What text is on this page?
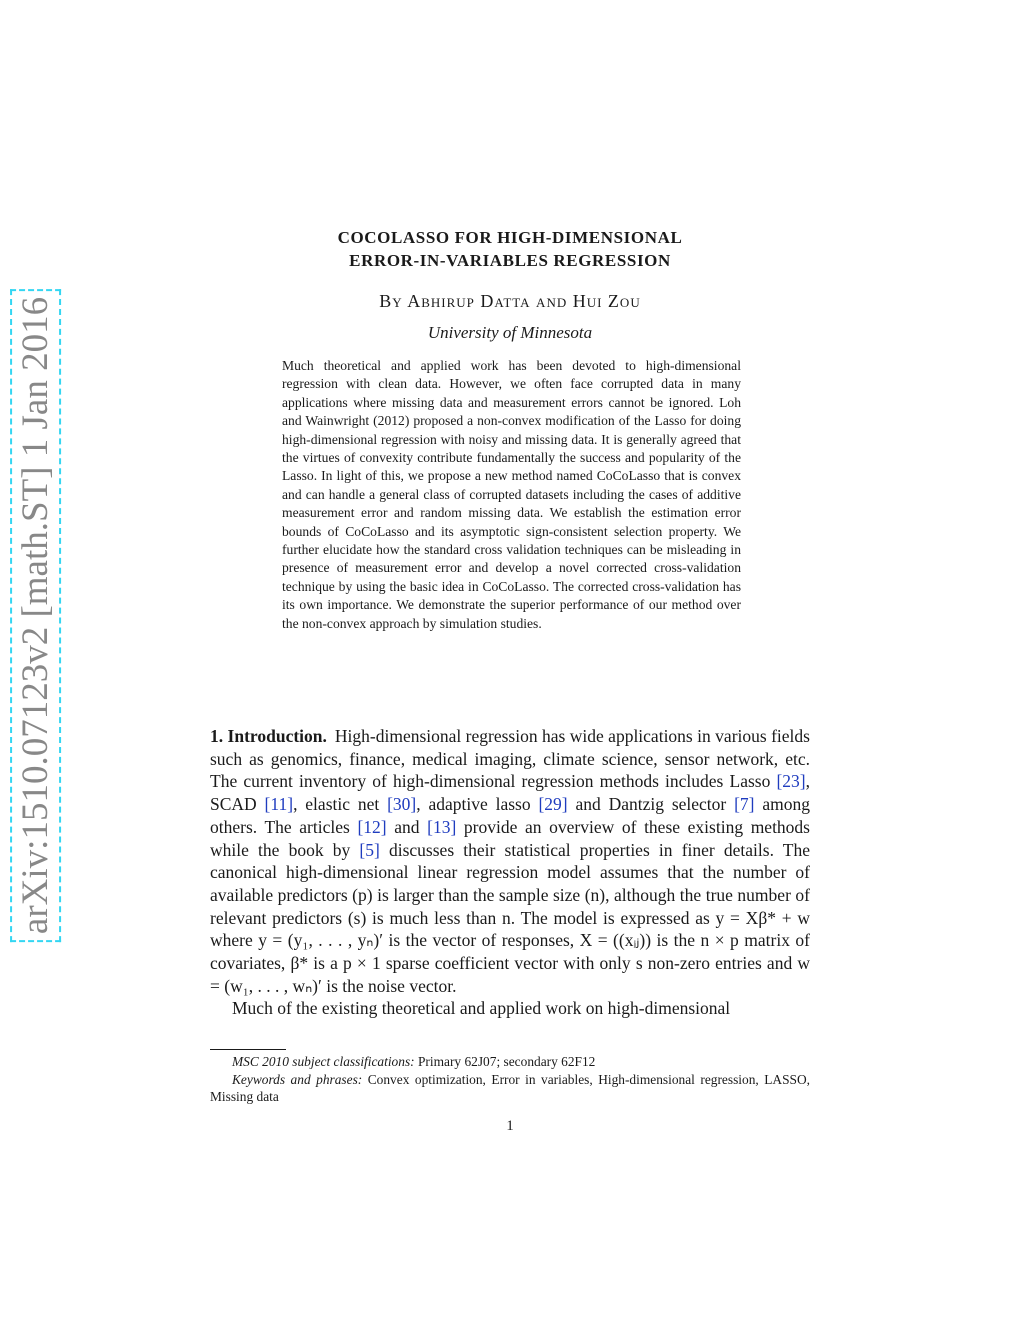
arXiv:1510.07123v2 [math.ST] 1 Jan 2016
COCOLASSO FOR HIGH-DIMENSIONAL
ERROR-IN-VARIABLES REGRESSION
By Abhirup Datta and Hui Zou
University of Minnesota

Much theoretical and applied work has been devoted to high-dimensional regression with clean data. However, we often face corrupted data in many applications where missing data and measurement errors cannot be ignored. Loh and Wainwright (2012) proposed a non-convex modification of the Lasso for doing high-dimensional regression with noisy and missing data. It is generally agreed that the virtues of convexity contribute fundamentally the success and popularity of the Lasso. In light of this, we propose a new method named CoCoLasso that is convex and can handle a general class of corrupted datasets including the cases of additive measurement error and random missing data. We establish the estimation error bounds of CoCoLasso and its asymptotic sign-consistent selection property. We further elucidate how the standard cross validation techniques can be misleading in presence of measurement error and develop a novel corrected cross-validation technique by using the basic idea in CoCoLasso. The corrected cross-validation has its own importance. We demonstrate the superior performance of our method over the non-convex approach by simulation studies.

1. Introduction. High-dimensional regression has wide applications in various fields such as genomics, finance, medical imaging, climate science, sensor network, etc. The current inventory of high-dimensional regression methods includes Lasso [23], SCAD [11], elastic net [30], adaptive lasso [29] and Dantzig selector [7] among others. The articles [12] and [13] provide an overview of these existing methods while the book by [5] discusses their statistical properties in finer details. The canonical high-dimensional linear regression model assumes that the number of available predictors (p) is larger than the sample size (n), although the true number of relevant predictors (s) is much less than n. The model is expressed as y = Xβ* + w where y = (y₁, . . . , yₙ)′ is the vector of responses, X = ((xᵢⱼ)) is the n × p matrix of covariates, β* is a p × 1 sparse coefficient vector with only s non-zero entries and w = (w₁, . . . , wₙ)′ is the noise vector.

Much of the existing theoretical and applied work on high-dimensional

MSC 2010 subject classifications: Primary 62J07; secondary 62F12

Keywords and phrases: Convex optimization, Error in variables, High-dimensional regression, LASSO, Missing data

1
